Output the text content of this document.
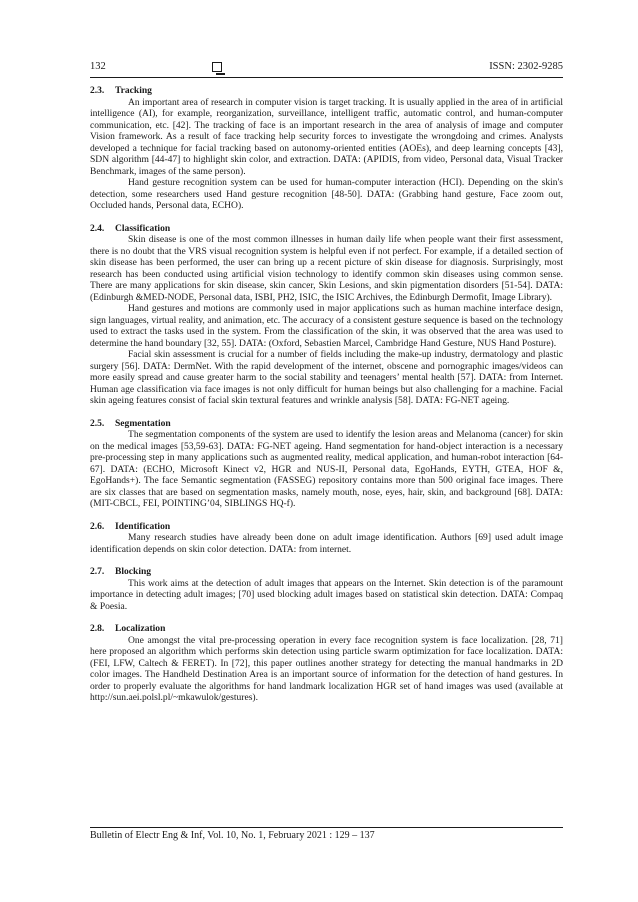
132	ISSN: 2302-9285
2.3. Tracking

An important area of research in computer vision is target tracking. It is usually applied in the area of in artificial intelligence (AI), for example, reorganization, surveillance, intelligent traffic, automatic control, and human-computer communication, etc. [42]. The tracking of face is an important research in the area of analysis of image and computer Vision framework. As a result of face tracking help security forces to investigate the wrongdoing and crimes. Analysts developed a technique for facial tracking based on autonomy-oriented entities (AOEs), and deep learning concepts [43], SDN algorithm [44-47] to highlight skin color, and extraction. DATA: (APIDIS, from video, Personal data, Visual Tracker Benchmark, images of the same person).

Hand gesture recognition system can be used for human-computer interaction (HCI). Depending on the skin's detection, some researchers used Hand gesture recognition [48-50]. DATA: (Grabbing hand gesture, Face zoom out, Occluded hands, Personal data, ECHO).

2.4. Classification

Skin disease is one of the most common illnesses in human daily life when people want their first assessment, there is no doubt that the VRS visual recognition system is helpful even if not perfect. For example, if a detailed section of skin disease has been performed, the user can bring up a recent picture of skin disease for diagnosis. Surprisingly, most research has been conducted using artificial vision technology to identify common skin diseases using common sense. There are many applications for skin disease, skin cancer, Skin Lesions, and skin pigmentation disorders [51-54]. DATA: (Edinburgh &MED-NODE, Personal data, ISBI, PH2, ISIC, the ISIC Archives, the Edinburgh Dermofit, Image Library).

Hand gestures and motions are commonly used in major applications such as human machine interface design, sign languages, virtual reality, and animation, etc. The accuracy of a consistent gesture sequence is based on the technology used to extract the tasks used in the system. From the classification of the skin, it was observed that the area was used to determine the hand boundary [32, 55]. DATA: (Oxford, Sebastien Marcel, Cambridge Hand Gesture, NUS Hand Posture).

Facial skin assessment is crucial for a number of fields including the make-up industry, dermatology and plastic surgery [56]. DATA: DermNet. With the rapid development of the internet, obscene and pornographic images/videos can more easily spread and cause greater harm to the social stability and teenagers’ mental health [57]. DATA: from Internet. Human age classification via face images is not only difficult for human beings but also challenging for a machine. Facial skin ageing features consist of facial skin textural features and wrinkle analysis [58]. DATA: FG-NET ageing.

2.5. Segmentation

The segmentation components of the system are used to identify the lesion areas and Melanoma (cancer) for skin on the medical images [53,59-63]. DATA: FG-NET ageing. Hand segmentation for hand-object interaction is a necessary pre-processing step in many applications such as augmented reality, medical application, and human-robot interaction [64-67]. DATA: (ECHO, Microsoft Kinect v2, HGR and NUS-II, Personal data, EgoHands, EYTH, GTEA, HOF &, EgoHands+). The face Semantic segmentation (FASSEG) repository contains more than 500 original face images. There are six classes that are based on segmentation masks, namely mouth, nose, eyes, hair, skin, and background [68]. DATA: (MIT-CBCL, FEI, POINTING’04, SIBLINGS HQ-f).

2.6. Identification

Many research studies have already been done on adult image identification. Authors [69] used adult image identification depends on skin color detection. DATA: from internet.

2.7. Blocking

This work aims at the detection of adult images that appears on the Internet. Skin detection is of the paramount importance in detecting adult images; [70] used blocking adult images based on statistical skin detection. DATA: Compaq & Poesia.

2.8. Localization

One amongst the vital pre-processing operation in every face recognition system is face localization. [28, 71] here proposed an algorithm which performs skin detection using particle swarm optimization for face localization. DATA: (FEI, LFW, Caltech & FERET). In [72], this paper outlines another strategy for detecting the manual handmarks in 2D color images. The Handheld Destination Area is an important source of information for the detection of hand gestures. In order to properly evaluate the algorithms for hand landmark localization HGR set of hand images was used (available at http://sun.aei.polsl.pl/~mkawulok/gestures).

Bulletin of Electr Eng & Inf, Vol. 10, No. 1, February 2021 : 129 – 137
